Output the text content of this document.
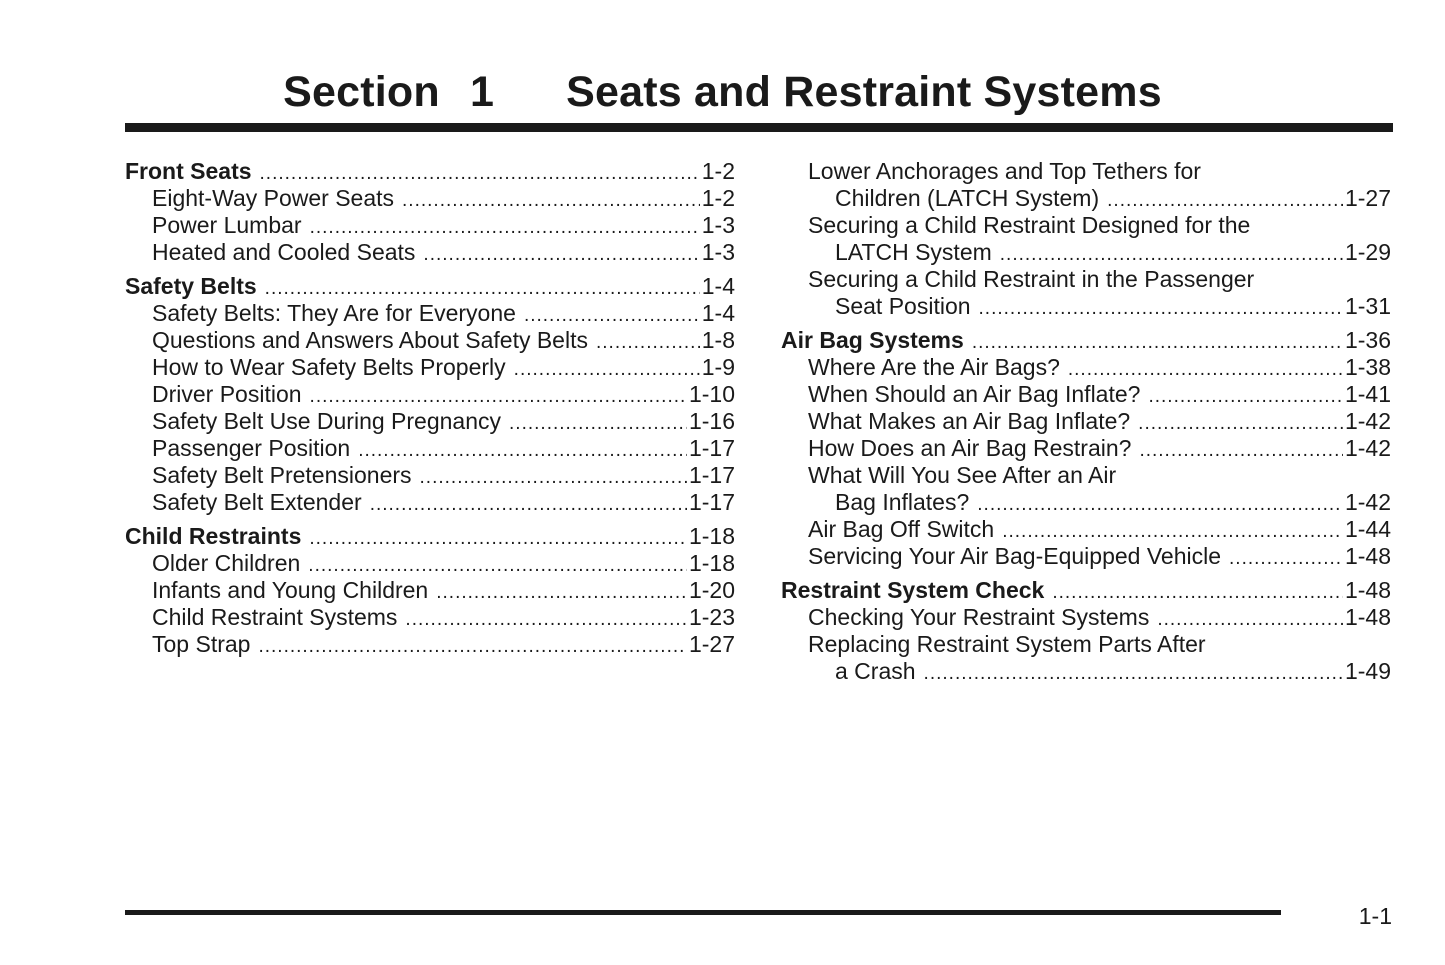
Section 1 Seats and Restraint Systems
Front Seats .....	1-2
Eight-Way Power Seats .....	1-2
Power Lumbar .....	1-3
Heated and Cooled Seats .....	1-3
Safety Belts .....	1-4
Safety Belts: They Are for Everyone .....	1-4
Questions and Answers About Safety Belts .....	1-8
How to Wear Safety Belts Properly .....	1-9
Driver Position .....	1-10
Safety Belt Use During Pregnancy .....	1-16
Passenger Position .....	1-17
Safety Belt Pretensioners .....	1-17
Safety Belt Extender .....	1-17
Child Restraints .....	1-18
Older Children .....	1-18
Infants and Young Children .....	1-20
Child Restraint Systems .....	1-23
Top Strap .....	1-27
Lower Anchorages and Top Tethers for
Children (LATCH System) .....	1-27
Securing a Child Restraint Designed for the
LATCH System .....	1-29
Securing a Child Restraint in the Passenger
Seat Position .....	1-31
Air Bag Systems .....	1-36
Where Are the Air Bags? .....	1-38
When Should an Air Bag Inflate? .....	1-41
What Makes an Air Bag Inflate? .....	1-42
How Does an Air Bag Restrain? .....	1-42
What Will You See After an Air
Bag Inflates? .....	1-42
Air Bag Off Switch .....	1-44
Servicing Your Air Bag-Equipped Vehicle .....	1-48
Restraint System Check .....	1-48
Checking Your Restraint Systems .....	1-48
Replacing Restraint System Parts After
a Crash .....	1-49
1-1
